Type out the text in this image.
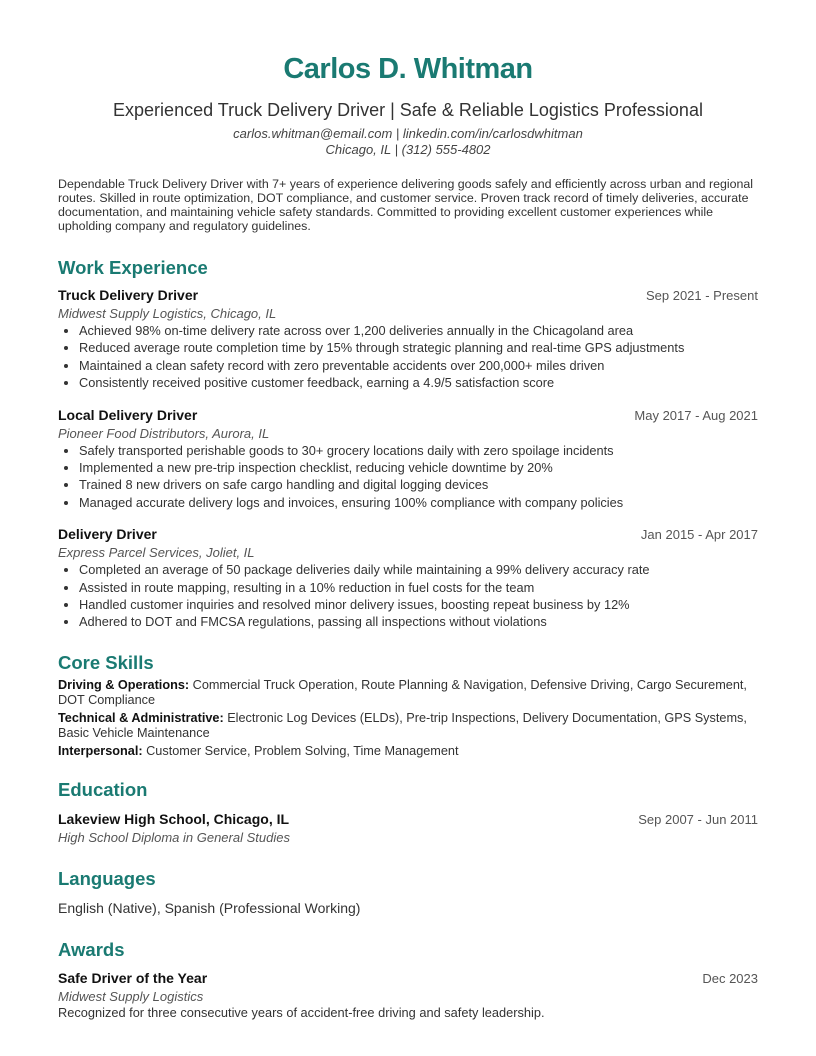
Carlos D. Whitman
Experienced Truck Delivery Driver | Safe & Reliable Logistics Professional
carlos.whitman@email.com | linkedin.com/in/carlosdwhitman
Chicago, IL | (312) 555-4802
Dependable Truck Delivery Driver with 7+ years of experience delivering goods safely and efficiently across urban and regional routes. Skilled in route optimization, DOT compliance, and customer service. Proven track record of timely deliveries, accurate documentation, and maintaining vehicle safety standards. Committed to providing excellent customer experiences while upholding company and regulatory guidelines.
Work Experience
Truck Delivery Driver	Sep 2021 - Present
Midwest Supply Logistics, Chicago, IL
• Achieved 98% on-time delivery rate across over 1,200 deliveries annually in the Chicagoland area
• Reduced average route completion time by 15% through strategic planning and real-time GPS adjustments
• Maintained a clean safety record with zero preventable accidents over 200,000+ miles driven
• Consistently received positive customer feedback, earning a 4.9/5 satisfaction score
Local Delivery Driver	May 2017 - Aug 2021
Pioneer Food Distributors, Aurora, IL
• Safely transported perishable goods to 30+ grocery locations daily with zero spoilage incidents
• Implemented a new pre-trip inspection checklist, reducing vehicle downtime by 20%
• Trained 8 new drivers on safe cargo handling and digital logging devices
• Managed accurate delivery logs and invoices, ensuring 100% compliance with company policies
Delivery Driver	Jan 2015 - Apr 2017
Express Parcel Services, Joliet, IL
• Completed an average of 50 package deliveries daily while maintaining a 99% delivery accuracy rate
• Assisted in route mapping, resulting in a 10% reduction in fuel costs for the team
• Handled customer inquiries and resolved minor delivery issues, boosting repeat business by 12%
• Adhered to DOT and FMCSA regulations, passing all inspections without violations
Core Skills
Driving & Operations: Commercial Truck Operation, Route Planning & Navigation, Defensive Driving, Cargo Securement, DOT Compliance
Technical & Administrative: Electronic Log Devices (ELDs), Pre-trip Inspections, Delivery Documentation, GPS Systems, Basic Vehicle Maintenance
Interpersonal: Customer Service, Problem Solving, Time Management
Education
Lakeview High School, Chicago, IL	Sep 2007 - Jun 2011
High School Diploma in General Studies
Languages
English (Native), Spanish (Professional Working)
Awards
Safe Driver of the Year	Dec 2023
Midwest Supply Logistics
Recognized for three consecutive years of accident-free driving and safety leadership.
